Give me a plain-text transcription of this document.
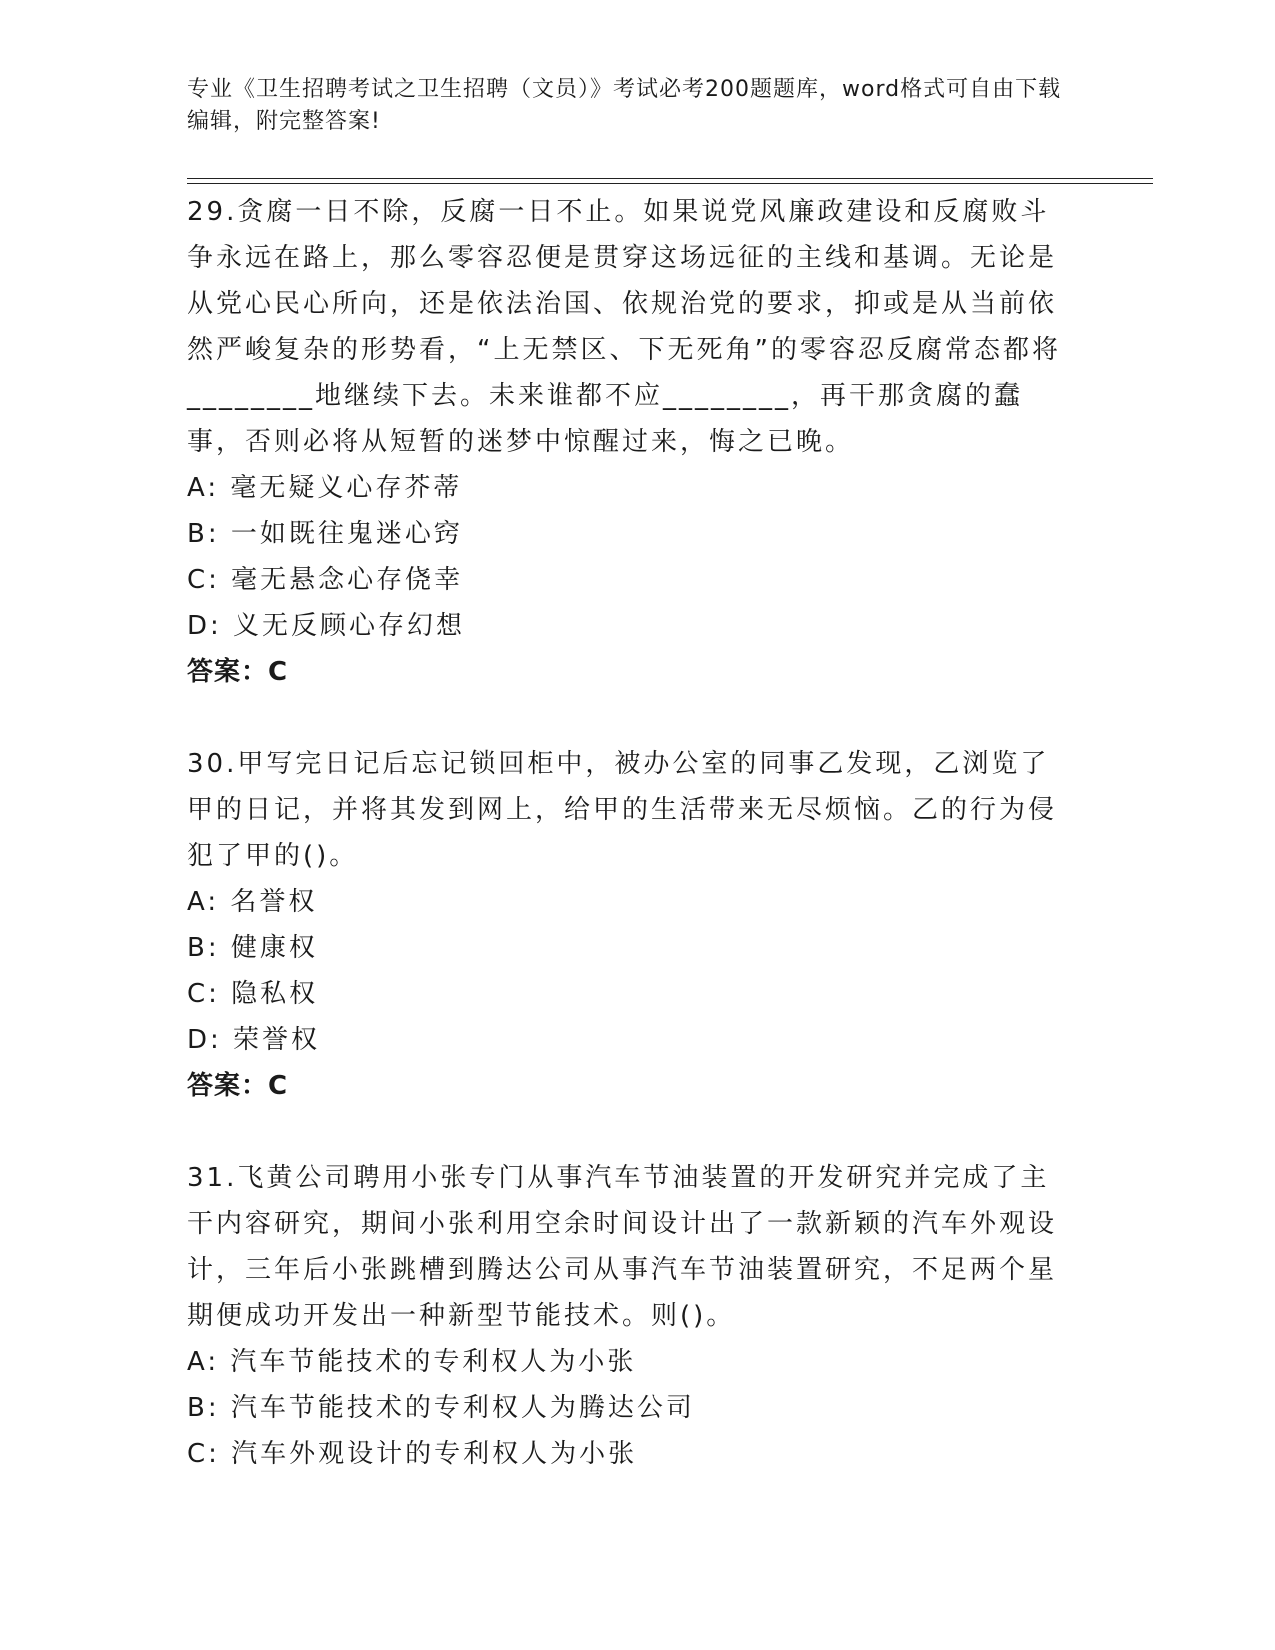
专业《卫生招聘考试之卫生招聘（文员）》考试必考200题题库，word格式可自由下载编辑，附完整答案!

29.贪腐一日不除，反腐一日不止。如果说党风廉政建设和反腐败斗争永远在路上，那么零容忍便是贯穿这场远征的主线和基调。无论是从党心民心所向，还是依法治国、依规治党的要求，抑或是从当前依然严峻复杂的形势看，“上无禁区、下无死角”的零容忍反腐常态都将________地继续下去。未来谁都不应________，再干那贪腐的蠢事，否则必将从短暂的迷梦中惊醒过来，悔之已晚。

A: 毫无疑义心存芥蒂

B: 一如既往鬼迷心窍

C: 毫无悬念心存侥幸

D: 义无反顾心存幻想

答案：C

30.甲写完日记后忘记锁回柜中，被办公室的同事乙发现，乙浏览了甲的日记，并将其发到网上，给甲的生活带来无尽烦恼。乙的行为侵犯了甲的()。

A: 名誉权

B: 健康权

C: 隐私权

D: 荣誉权

答案：C

31.飞黄公司聘用小张专门从事汽车节油装置的开发研究并完成了主干内容研究，期间小张利用空余时间设计出了一款新颖的汽车外观设计，三年后小张跳槽到腾达公司从事汽车节油装置研究，不足两个星期便成功开发出一种新型节能技术。则()。

A: 汽车节能技术的专利权人为小张

B: 汽车节能技术的专利权人为腾达公司

C: 汽车外观设计的专利权人为小张
